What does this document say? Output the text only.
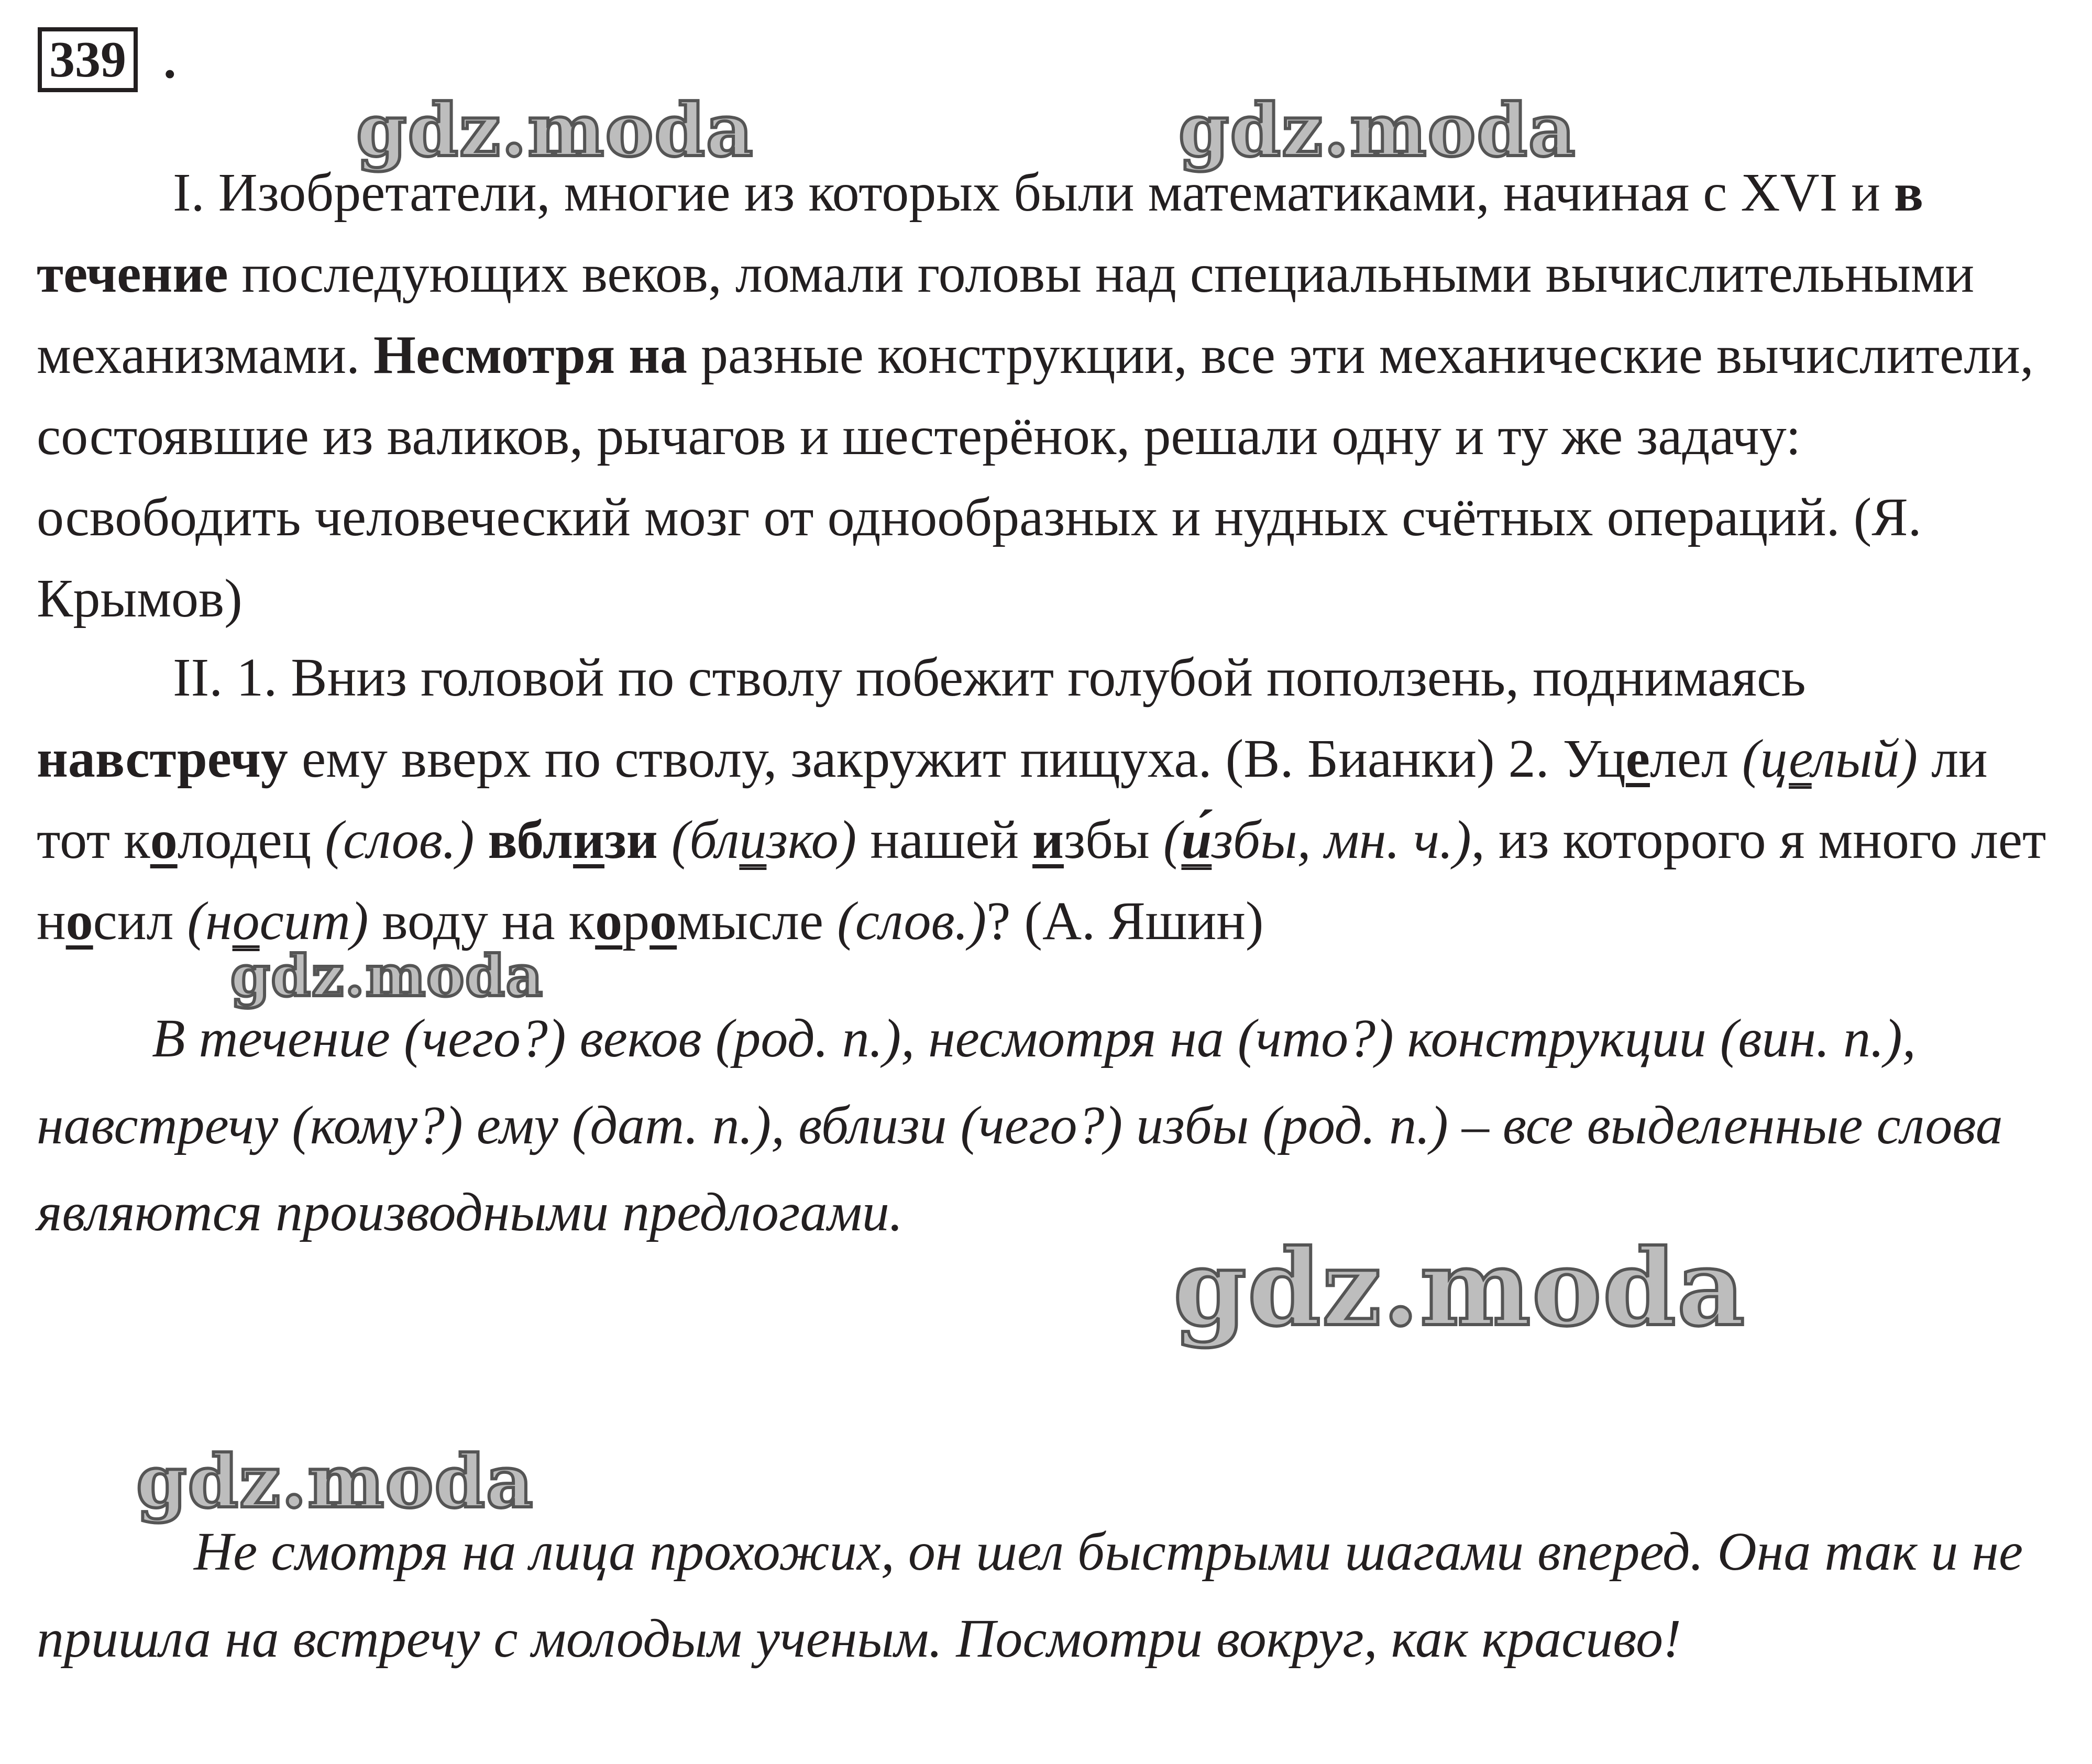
339 .
gdz.moda	gdz.moda
gdz.moda
gdz.moda
gdz.moda

I. Изобретатели, многие из которых были математиками, начиная с XVI и в течение последующих веков, ломали головы над специальными вычислительными механизмами. Несмотря на разные конструкции, все эти механические вычислители, состоявшие из валиков, рычагов и шестерёнок, решали одну и ту же задачу: освободить человеческий мозг от однообразных и нудных счётных операций. (Я. Крымов)

II. 1. Вниз головой по стволу побежит голубой поползень, поднимаясь навстречу ему вверх по стволу, закружит пищуха. (В. Бианки) 2. Уцелел (целый) ли тот колодец (слов.) вблизи (близко) нашей избы (и́збы, мн. ч.), из которого я много лет носил (носит) воду на коромысле (слов.)? (А. Яшин)

В течение (чего?) веков (род. п.), несмотря на (что?) конструкции (вин. п.), навстречу (кому?) ему (дат. п.), вблизи (чего?) избы (род. п.) – все выделенные слова являются производными предлогами.

Не смотря на лица прохожих, он шел быстрыми шагами вперед. Она так и не пришла на встречу с молодым ученым. Посмотри вокруг, как красиво!
